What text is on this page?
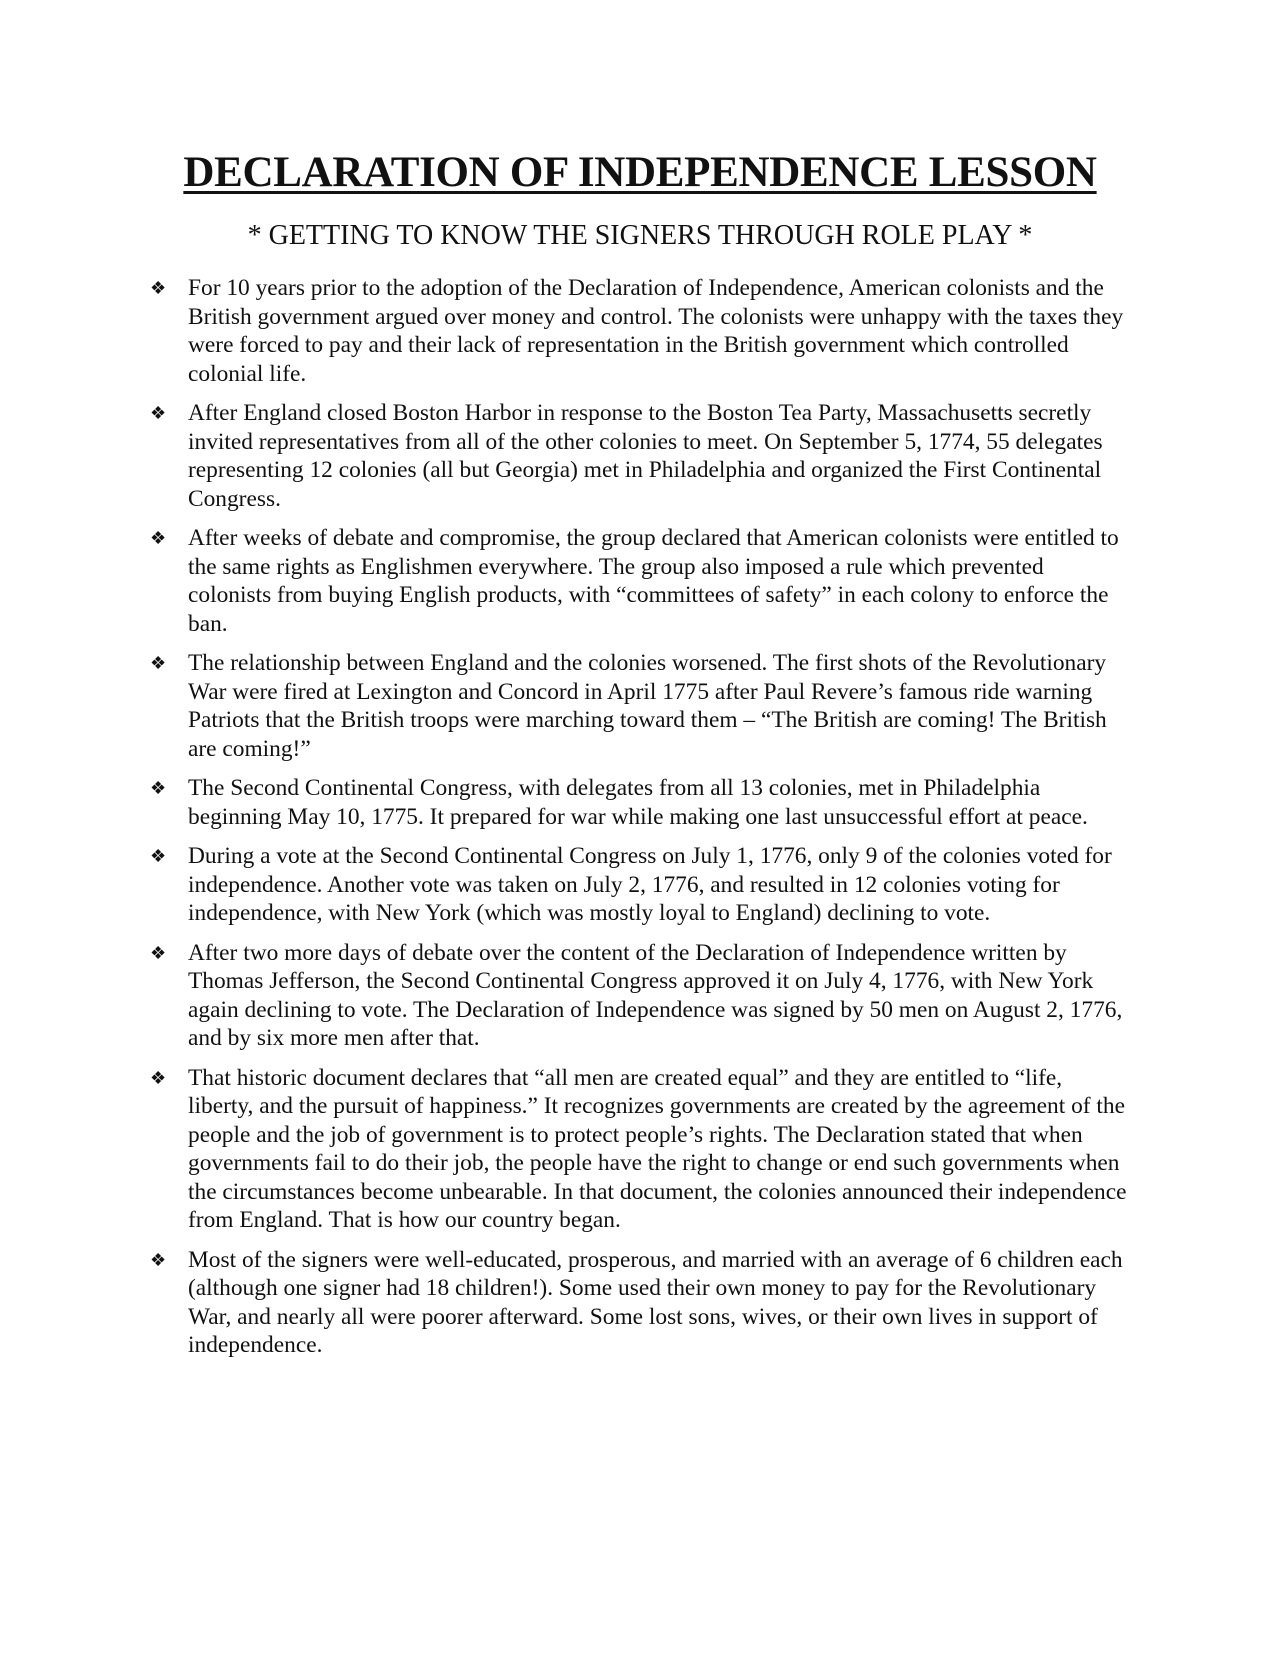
DECLARATION OF INDEPENDENCE LESSON
* GETTING TO KNOW THE SIGNERS THROUGH ROLE PLAY *
❖ For 10 years prior to the adoption of the Declaration of Independence, American colonists and the British government argued over money and control. The colonists were unhappy with the taxes they were forced to pay and their lack of representation in the British government which controlled colonial life.
❖ After England closed Boston Harbor in response to the Boston Tea Party, Massachusetts secretly invited representatives from all of the other colonies to meet. On September 5, 1774, 55 delegates representing 12 colonies (all but Georgia) met in Philadelphia and organized the First Continental Congress.
❖ After weeks of debate and compromise, the group declared that American colonists were entitled to the same rights as Englishmen everywhere. The group also imposed a rule which prevented colonists from buying English products, with “committees of safety” in each colony to enforce the ban.
❖ The relationship between England and the colonies worsened. The first shots of the Revolutionary War were fired at Lexington and Concord in April 1775 after Paul Revere’s famous ride warning Patriots that the British troops were marching toward them – “The British are coming! The British are coming!”
❖ The Second Continental Congress, with delegates from all 13 colonies, met in Philadelphia beginning May 10, 1775. It prepared for war while making one last unsuccessful effort at peace.
❖ During a vote at the Second Continental Congress on July 1, 1776, only 9 of the colonies voted for independence. Another vote was taken on July 2, 1776, and resulted in 12 colonies voting for independence, with New York (which was mostly loyal to England) declining to vote.
❖ After two more days of debate over the content of the Declaration of Independence written by Thomas Jefferson, the Second Continental Congress approved it on July 4, 1776, with New York again declining to vote. The Declaration of Independence was signed by 50 men on August 2, 1776, and by six more men after that.
❖ That historic document declares that “all men are created equal” and they are entitled to “life, liberty, and the pursuit of happiness.” It recognizes governments are created by the agreement of the people and the job of government is to protect people’s rights. The Declaration stated that when governments fail to do their job, the people have the right to change or end such governments when the circumstances become unbearable. In that document, the colonies announced their independence from England. That is how our country began.
❖ Most of the signers were well-educated, prosperous, and married with an average of 6 children each (although one signer had 18 children!). Some used their own money to pay for the Revolutionary War, and nearly all were poorer afterward. Some lost sons, wives, or their own lives in support of independence.
